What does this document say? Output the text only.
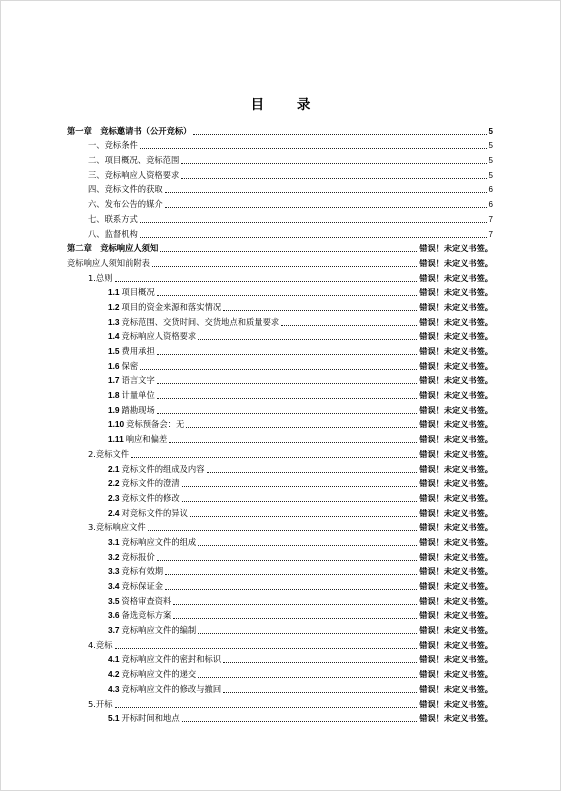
目 录
第一章　竞标邀请书（公开竞标）	5
一、竞标条件	5
二、项目概况、竞标范围	5
三、竞标响应人资格要求	5
四、竞标文件的获取	6
六、发布公告的媒介	6
七、联系方式	7
八、监督机构	7
第二章　竞标响应人须知	错误！未定义书签。
竞标响应人须知前附表	错误！未定义书签。
1.总则	错误！未定义书签。
1.1 项目概况	错误！未定义书签。
1.2 项目的资金来源和落实情况	错误！未定义书签。
1.3 竞标范围、交货时间、交货地点和质量要求	错误！未定义书签。
1.4 竞标响应人资格要求	错误！未定义书签。
1.5 费用承担	错误！未定义书签。
1.6 保密	错误！未定义书签。
1.7 语言文字	错误！未定义书签。
1.8 计量单位	错误！未定义书签。
1.9 踏勘现场	错误！未定义书签。
1.10 竞标预备会：无	错误！未定义书签。
1.11 响应和偏差	错误！未定义书签。
2.竞标文件	错误！未定义书签。
2.1 竞标文件的组成及内容	错误！未定义书签。
2.2 竞标文件的澄清	错误！未定义书签。
2.3 竞标文件的修改	错误！未定义书签。
2.4 对竞标文件的异议	错误！未定义书签。
3.竞标响应文件	错误！未定义书签。
3.1 竞标响应文件的组成	错误！未定义书签。
3.2 竞标报价	错误！未定义书签。
3.3 竞标有效期	错误！未定义书签。
3.4 竞标保证金	错误！未定义书签。
3.5 资格审查资料	错误！未定义书签。
3.6 备选竞标方案	错误！未定义书签。
3.7 竞标响应文件的编制	错误！未定义书签。
4.竞标	错误！未定义书签。
4.1 竞标响应文件的密封和标识	错误！未定义书签。
4.2 竞标响应文件的递交	错误！未定义书签。
4.3 竞标响应文件的修改与撤回	错误！未定义书签。
5.开标	错误！未定义书签。
5.1 开标时间和地点	错误！未定义书签。
